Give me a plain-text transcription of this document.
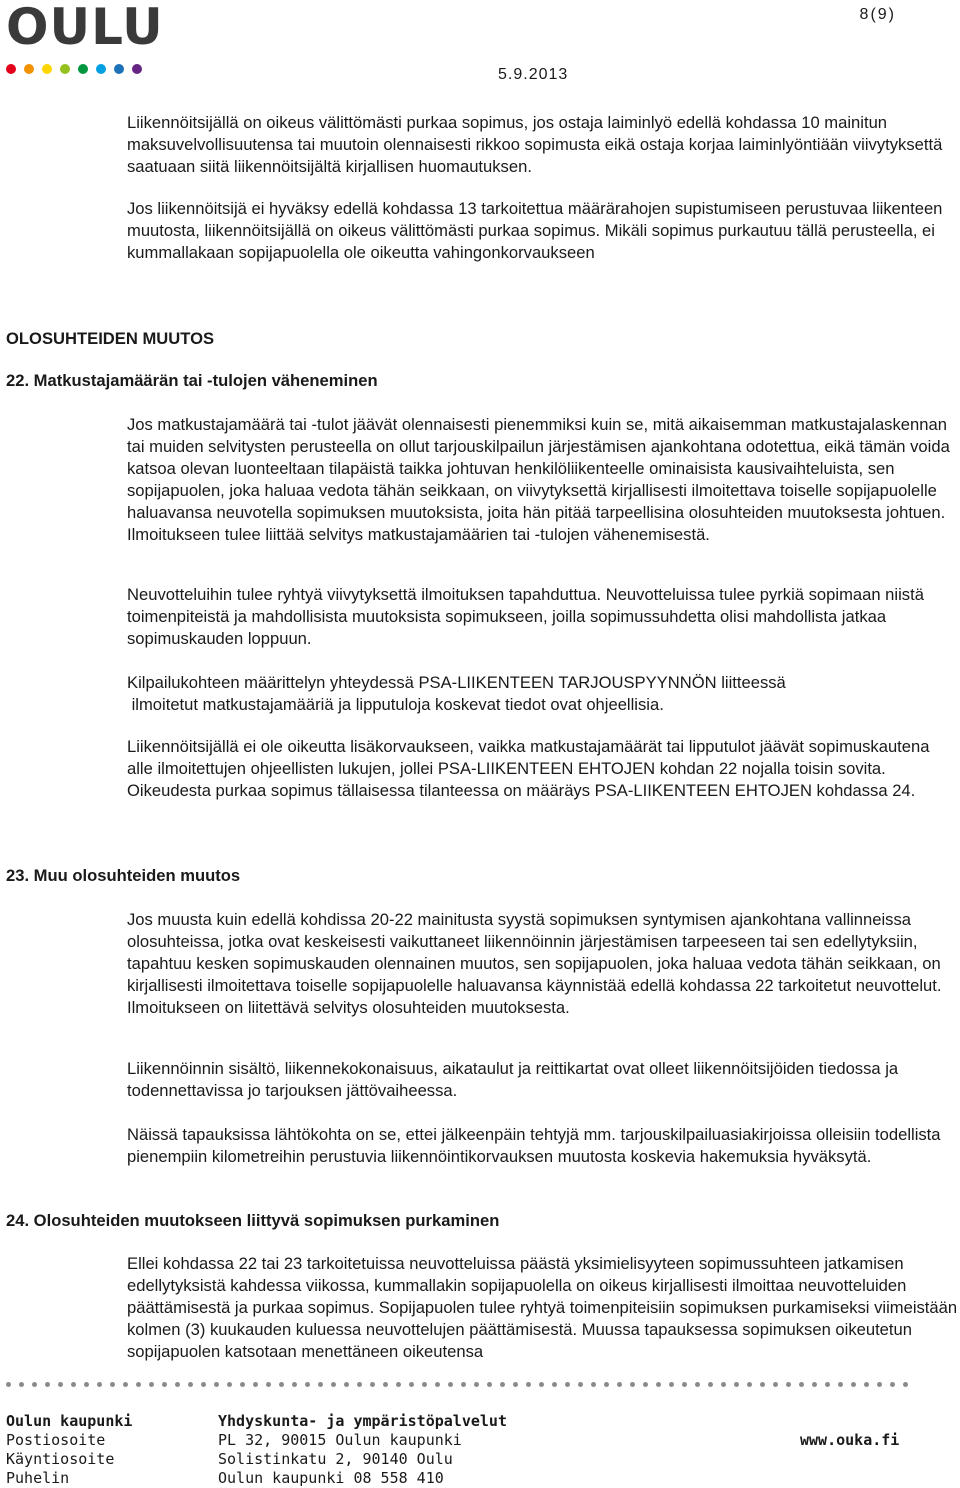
OULU	8(9)
5.9.2013

Liikennöitsijällä on oikeus välittömästi purkaa sopimus, jos ostaja laiminlyö edellä kohdassa 10 mainitun maksuvelvollisuutensa tai muutoin olennaisesti rikkoo sopimusta eikä ostaja korjaa laiminlyöntiään viivytyksettä saatuaan siitä liikennöitsijältä kirjallisen huomautuksen.

Jos liikennöitsijä ei hyväksy edellä kohdassa 13 tarkoitettua määrärahojen supistumiseen perustuvaa liikenteen muutosta, liikennöitsijällä on oikeus välittömästi purkaa sopimus. Mikäli sopimus purkautuu tällä perusteella, ei kummallakaan sopijapuolella ole oikeutta vahingonkorvaukseen

OLOSUHTEIDEN MUUTOS
22. Matkustajamäärän tai -tulojen väheneminen

Jos matkustajamäärä tai -tulot jäävät olennaisesti pienemmiksi kuin se, mitä aikaisemman matkustajalaskennan tai muiden selvitysten perusteella on ollut tarjouskilpailun järjestämisen ajankohtana odotettua, eikä tämän voida katsoa olevan luonteeltaan tilapäistä taikka johtuvan henkilöliikenteelle ominaisista kausivaihteluista, sen sopijapuolen, joka haluaa vedota tähän seikkaan, on viivytyksettä kirjallisesti ilmoitettava toiselle sopijapuolelle haluavansa neuvotella sopimuksen muutoksista, joita hän pitää tarpeellisina olosuhteiden muutoksesta johtuen. Ilmoitukseen tulee liittää selvitys matkustajamäärien tai -tulojen vähenemisestä.

Neuvotteluihin tulee ryhtyä viivytyksettä ilmoituksen tapahduttua. Neuvotteluissa tulee pyrkiä sopimaan niistä toimenpiteistä ja mahdollisista muutoksista sopimukseen, joilla sopimussuhdetta olisi mahdollista jatkaa sopimuskauden loppuun.

Kilpailukohteen määrittelyn yhteydessä PSA-LIIKENTEEN TARJOUSPYYNNÖN liitteessä
ilmoitetut matkustajamääriä ja lipputuloja koskevat tiedot ovat ohjeellisia.

Liikennöitsijällä ei ole oikeutta lisäkorvaukseen, vaikka matkustajamäärät tai lipputulot jäävät sopimuskautena alle ilmoitettujen ohjeellisten lukujen, jollei PSA-LIIKENTEEN EHTOJEN kohdan 22 nojalla toisin sovita. Oikeudesta purkaa sopimus tällaisessa tilanteessa on määräys PSA-LIIKENTEEN EHTOJEN kohdassa 24.

23. Muu olosuhteiden muutos

Jos muusta kuin edellä kohdissa 20-22 mainitusta syystä sopimuksen syntymisen ajankohtana vallinneissa olosuhteissa, jotka ovat keskeisesti vaikuttaneet liikennöinnin järjestämisen tarpeeseen tai sen edellytyksiin, tapahtuu kesken sopimuskauden olennainen muutos, sen sopijapuolen, joka haluaa vedota tähän seikkaan, on kirjallisesti ilmoitettava toiselle sopijapuolelle haluavansa käynnistää edellä kohdassa 22 tarkoitetut neuvottelut. Ilmoitukseen on liitettävä selvitys olosuhteiden muutoksesta.

Liikennöinnin sisältö, liikennekokonaisuus, aikataulut ja reittikartat ovat olleet liikennöitsijöiden tiedossa ja todennettavissa jo tarjouksen jättövaiheessa.

Näissä tapauksissa lähtökohta on se, ettei jälkeenpäin tehtyjä mm. tarjouskilpailuasiakirjoissa olleisiin todellista pienempiin kilometreihin perustuvia liikennöintikorvauksen muutosta koskevia hakemuksia hyväksytä.

24. Olosuhteiden muutokseen liittyvä sopimuksen purkaminen

Ellei kohdassa 22 tai 23 tarkoitetuissa neuvotteluissa päästä yksimielisyyteen sopimussuhteen jatkamisen edellytyksistä kahdessa viikossa, kummallakin sopijapuolella on oikeus kirjallisesti ilmoittaa neuvotteluiden päättämisestä ja purkaa sopimus. Sopijapuolen tulee ryhtyä toimenpiteisiin sopimuksen purkamiseksi viimeistään kolmen (3) kuukauden kuluessa neuvottelujen päättämisestä. Muussa tapauksessa sopimuksen oikeutetun sopijapuolen katsotaan menettäneen oikeutensa

Oulun kaupunki
Postiosoite
Käyntiosoite
Puhelin
Yhdyskunta- ja ympäristöpalvelut
PL 32, 90015 Oulun kaupunki
Solistinkatu 2, 90140 Oulu
Oulun kaupunki 08 558 410
www.ouka.fi
